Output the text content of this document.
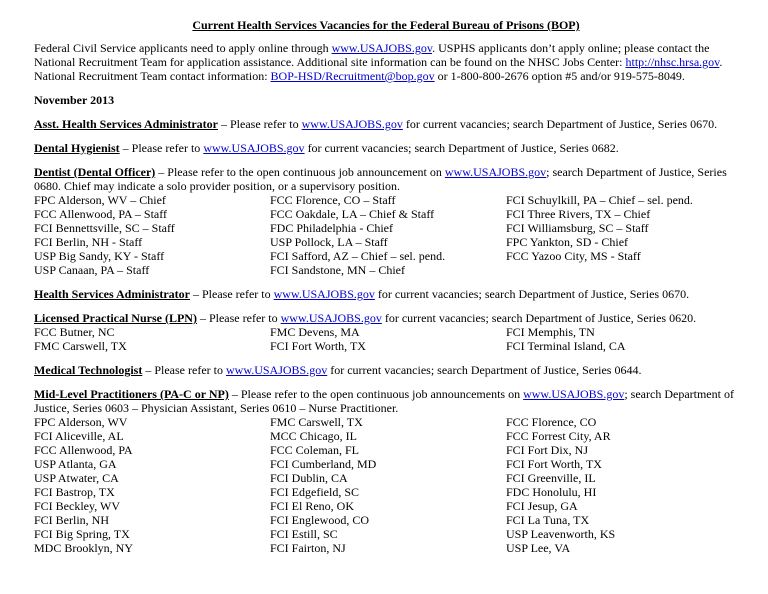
Current Health Services Vacancies for the Federal Bureau of Prisons (BOP)
Federal Civil Service applicants need to apply online through www.USAJOBS.gov. USPHS applicants don’t apply online; please contact the National Recruitment Team for application assistance. Additional site information can be found on the NHSC Jobs Center: http://nhsc.hrsa.gov. National Recruitment Team contact information: BOP-HSD/Recruitment@bop.gov or 1-800-800-2676 option #5 and/or 919-575-8049.
November 2013
Asst. Health Services Administrator – Please refer to www.USAJOBS.gov for current vacancies; search Department of Justice, Series 0670.
Dental Hygienist – Please refer to www.USAJOBS.gov for current vacancies; search Department of Justice, Series 0682.
Dentist (Dental Officer) – Please refer to the open continuous job announcement on www.USAJOBS.gov; search Department of Justice, Series 0680. Chief may indicate a solo provider position, or a supervisory position.
FPC Alderson, WV – Chief	FCC Florence, CO – Staff	FCI Schuylkill, PA – Chief – sel. pend.
FCC Allenwood, PA – Staff	FCC Oakdale, LA – Chief & Staff	FCI Three Rivers, TX – Chief
FCI Bennettsville, SC – Staff	FDC Philadelphia - Chief	FCI Williamsburg, SC – Staff
FCI Berlin, NH - Staff	USP Pollock, LA – Staff	FPC Yankton, SD - Chief
USP Big Sandy, KY - Staff	FCI Safford, AZ – Chief – sel. pend.	FCC Yazoo City, MS - Staff
USP Canaan, PA – Staff	FCI Sandstone, MN – Chief
Health Services Administrator – Please refer to www.USAJOBS.gov for current vacancies; search Department of Justice, Series 0670.
Licensed Practical Nurse (LPN) – Please refer to www.USAJOBS.gov for current vacancies; search Department of Justice, Series 0620.
FCC Butner, NC	FMC Devens, MA	FCI Memphis, TN
FMC Carswell, TX	FCI Fort Worth, TX	FCI Terminal Island, CA
Medical Technologist – Please refer to www.USAJOBS.gov for current vacancies; search Department of Justice, Series 0644.
Mid-Level Practitioners (PA-C or NP) – Please refer to the open continuous job announcements on www.USAJOBS.gov; search Department of Justice, Series 0603 – Physician Assistant, Series 0610 – Nurse Practitioner.
FPC Alderson, WV	FMC Carswell, TX	FCC Florence, CO
FCI Aliceville, AL	MCC Chicago, IL	FCC Forrest City, AR
FCC Allenwood, PA	FCC Coleman, FL	FCI Fort Dix, NJ
USP Atlanta, GA	FCI Cumberland, MD	FCI Fort Worth, TX
USP Atwater, CA	FCI Dublin, CA	FCI Greenville, IL
FCI Bastrop, TX	FCI Edgefield, SC	FDC Honolulu, HI
FCI Beckley, WV	FCI El Reno, OK	FCI Jesup, GA
FCI Berlin, NH	FCI Englewood, CO	FCI La Tuna, TX
FCI Big Spring, TX	FCI Estill, SC	USP Leavenworth, KS
MDC Brooklyn, NY	FCI Fairton, NJ	USP Lee, VA
